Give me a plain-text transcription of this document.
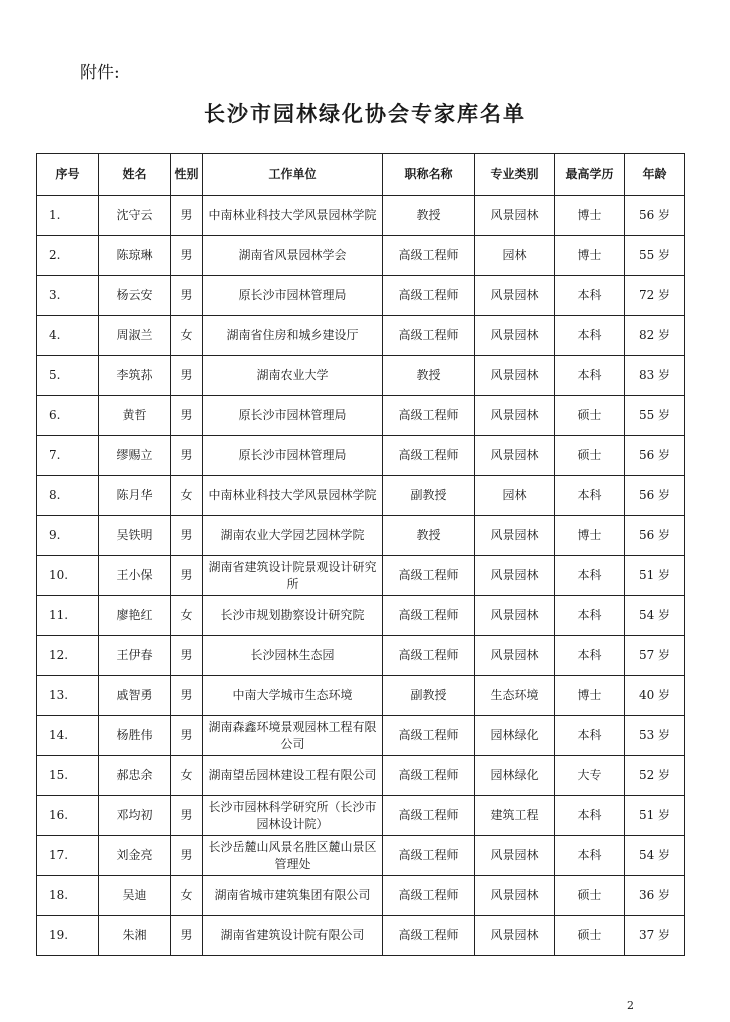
附件:
长沙市园林绿化协会专家库名单
序号	姓名	性别	工作单位	职称名称	专业类别	最高学历	年龄
1.	沈守云	男	中南林业科技大学风景园林学院	教授	风景园林	博士	56 岁
2.	陈琼琳	男	湖南省风景园林学会	高级工程师	园林	博士	55 岁
3.	杨云安	男	原长沙市园林管理局	高级工程师	风景园林	本科	72 岁
4.	周淑兰	女	湖南省住房和城乡建设厅	高级工程师	风景园林	本科	82 岁
5.	李筑荪	男	湖南农业大学	教授	风景园林	本科	83 岁
6.	黄哲	男	原长沙市园林管理局	高级工程师	风景园林	硕士	55 岁
7.	缪赐立	男	原长沙市园林管理局	高级工程师	风景园林	硕士	56 岁
8.	陈月华	女	中南林业科技大学风景园林学院	副教授	园林	本科	56 岁
9.	吴铁明	男	湖南农业大学园艺园林学院	教授	风景园林	博士	56 岁
10.	王小保	男	湖南省建筑设计院景观设计研究所	高级工程师	风景园林	本科	51 岁
11.	廖艳红	女	长沙市规划勘察设计研究院	高级工程师	风景园林	本科	54 岁
12.	王伊春	男	长沙园林生态园	高级工程师	风景园林	本科	57 岁
13.	戚智勇	男	中南大学城市生态环境	副教授	生态环境	博士	40 岁
14.	杨胜伟	男	湖南森鑫环境景观园林工程有限公司	高级工程师	园林绿化	本科	53 岁
15.	郝忠余	女	湖南望岳园林建设工程有限公司	高级工程师	园林绿化	大专	52 岁
16.	邓均初	男	长沙市园林科学研究所（长沙市园林设计院）	高级工程师	建筑工程	本科	51 岁
17.	刘金亮	男	长沙岳麓山风景名胜区麓山景区管理处	高级工程师	风景园林	本科	54 岁
18.	吴迪	女	湖南省城市建筑集团有限公司	高级工程师	风景园林	硕士	36 岁
19.	朱湘	男	湖南省建筑设计院有限公司	高级工程师	风景园林	硕士	37 岁
2
